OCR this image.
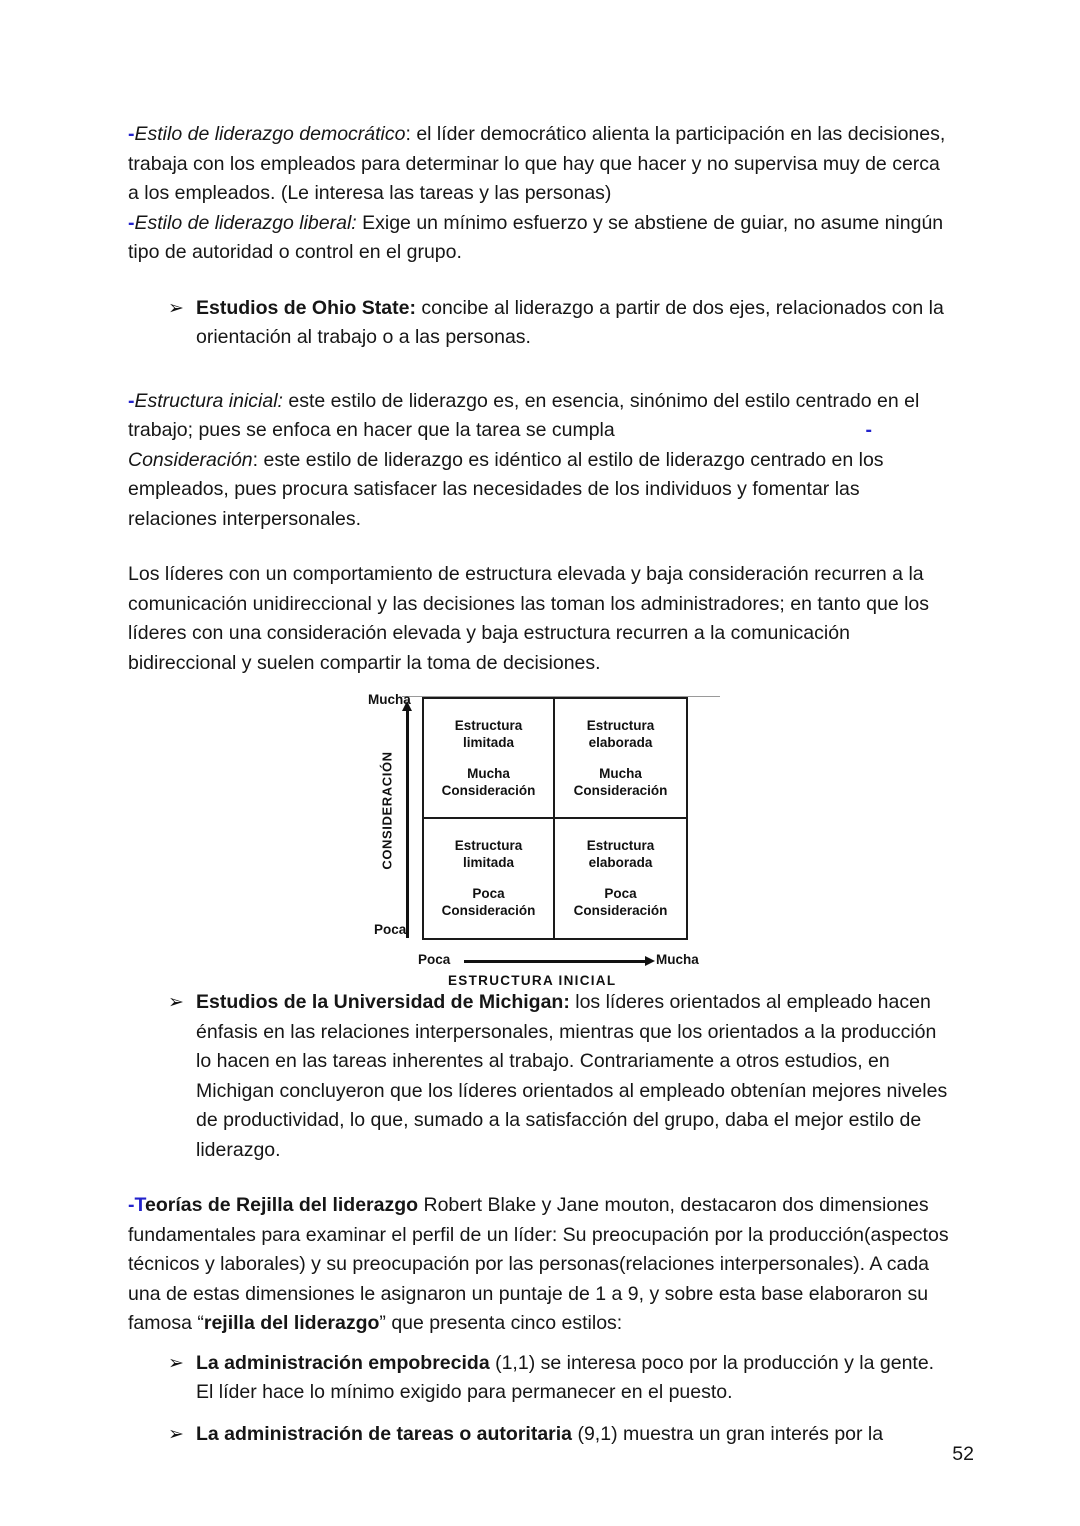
-Estilo de liderazgo democrático: el líder democrático alienta la participación en las decisiones, trabaja con los empleados para determinar lo que hay que hacer y no supervisa muy de cerca a los empleados. (Le interesa las tareas y las personas)
-Estilo de liderazgo liberal: Exige un mínimo esfuerzo y se abstiene de guiar, no asume ningún tipo de autoridad o control en el grupo.

➢ Estudios de Ohio State: concibe al liderazgo a partir de dos ejes, relacionados con la orientación al trabajo o a las personas.

-Estructura inicial: este estilo de liderazgo es, en esencia, sinónimo del estilo centrado en el trabajo; pues se enfoca en hacer que la tarea se cumpla	-

Consideración: este estilo de liderazgo es idéntico al estilo de liderazgo centrado en los empleados, pues procura satisfacer las necesidades de los individuos y fomentar las relaciones interpersonales.

Los líderes con un comportamiento de estructura elevada y baja consideración recurren a la comunicación unidireccional y las decisiones las toman los administradores; en tanto que los líderes con una consideración elevada y baja estructura recurren a la comunicación bidireccional y suelen compartir la toma de decisiones.

Mucha
Poca
CONSIDERACIÓN
Estructura
limitada
Mucha
Consideración
Estructura
elaborada
Mucha
Consideración
Estructura
limitada
Poca
Consideración
Estructura
elaborada
Poca
Consideración
Poca	Mucha
ESTRUCTURA INICIAL
➢ Estudios de la Universidad de Michigan: los líderes orientados al empleado hacen énfasis en las relaciones interpersonales, mientras que los orientados a la producción lo hacen en las tareas inherentes al trabajo. Contrariamente a otros estudios, en Michigan concluyeron que los líderes orientados al empleado obtenían mejores niveles de productividad, lo que, sumado a la satisfacción del grupo, daba el mejor estilo de liderazgo.

-Teorías de Rejilla del liderazgo Robert Blake y Jane mouton, destacaron dos dimensiones fundamentales para examinar el perfil de un líder: Su preocupación por la producción(aspectos técnicos y laborales) y su preocupación por las personas(relaciones interpersonales). A cada una de estas dimensiones le asignaron un puntaje de 1 a 9, y sobre esta base elaboraron su famosa “rejilla del liderazgo” que presenta cinco estilos:

➢ La administración empobrecida (1,1) se interesa poco por la producción y la gente. El líder hace lo mínimo exigido para permanecer en el puesto.
➢ La administración de tareas o autoritaria (9,1) muestra un gran interés por la
52
